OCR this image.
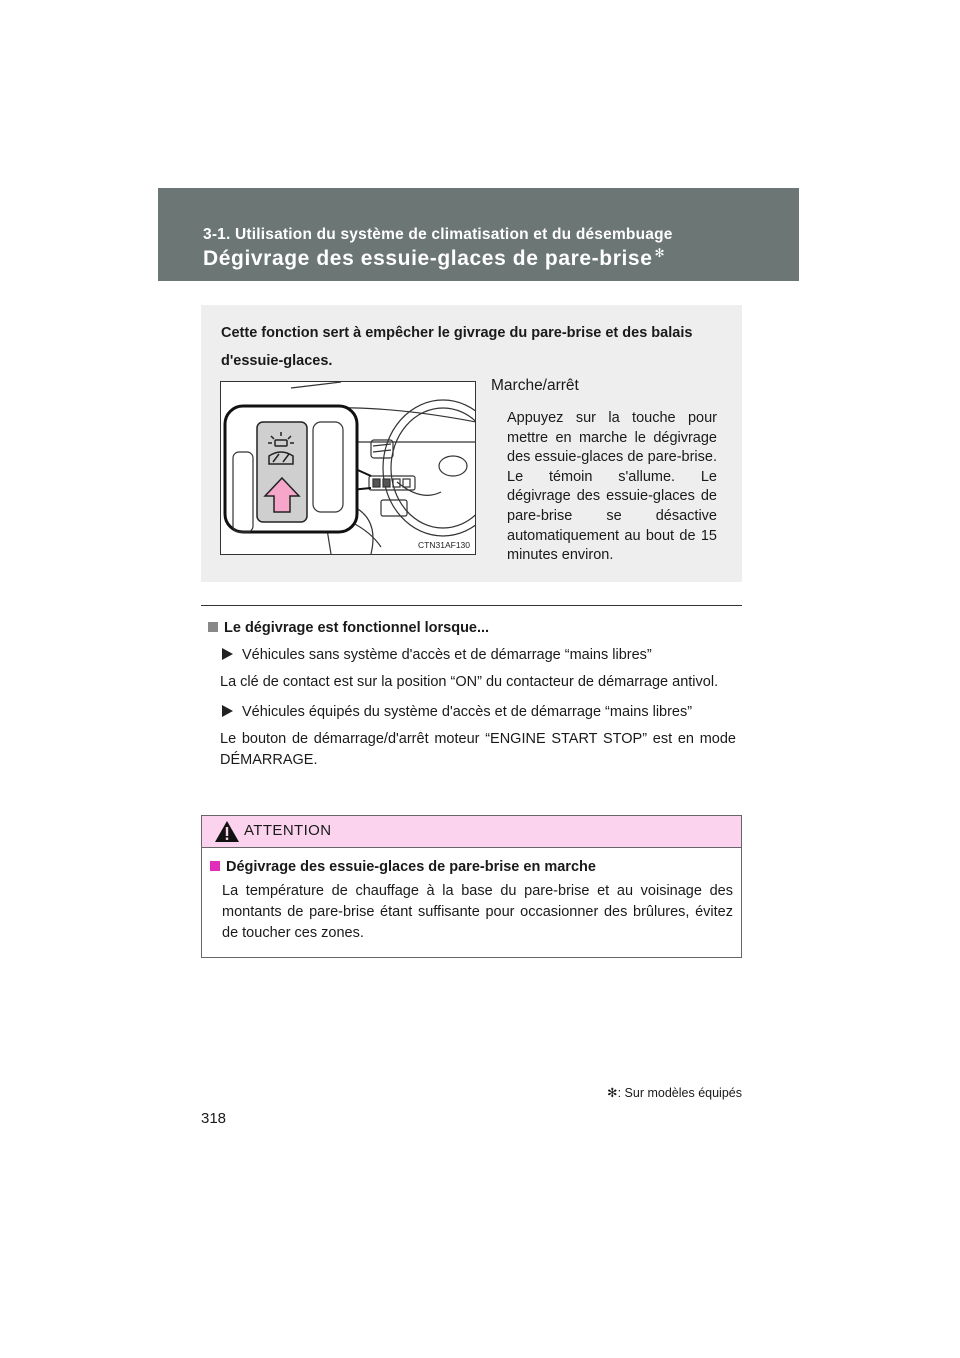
3-1. Utilisation du système de climatisation et du désembuage
Dégivrage des essuie-glaces de pare-brise ✻
Cette fonction sert à empêcher le givrage du pare-brise et des balais d'essuie-glaces.
CTN31AF130
Marche/arrêt
Appuyez sur la touche pour mettre en marche le dégivrage des essuie-glaces de pare-brise. Le témoin s'allume. Le dégivrage des essuie-glaces de pare-brise se désactive automatiquement au bout de 15 minutes environ.
Le dégivrage est fonctionnel lorsque...
Véhicules sans système d'accès et de démarrage “mains libres”
La clé de contact est sur la position “ON” du contacteur de démarrage antivol.
Véhicules équipés du système d'accès et de démarrage “mains libres”
Le bouton de démarrage/d'arrêt moteur “ENGINE START STOP” est en mode DÉMARRAGE.
ATTENTION
Dégivrage des essuie-glaces de pare-brise en marche
La température de chauffage à la base du pare-brise et au voisinage des montants de pare-brise étant suffisante pour occasionner des brûlures, évitez de toucher ces zones.
✻: Sur modèles équipés
318
